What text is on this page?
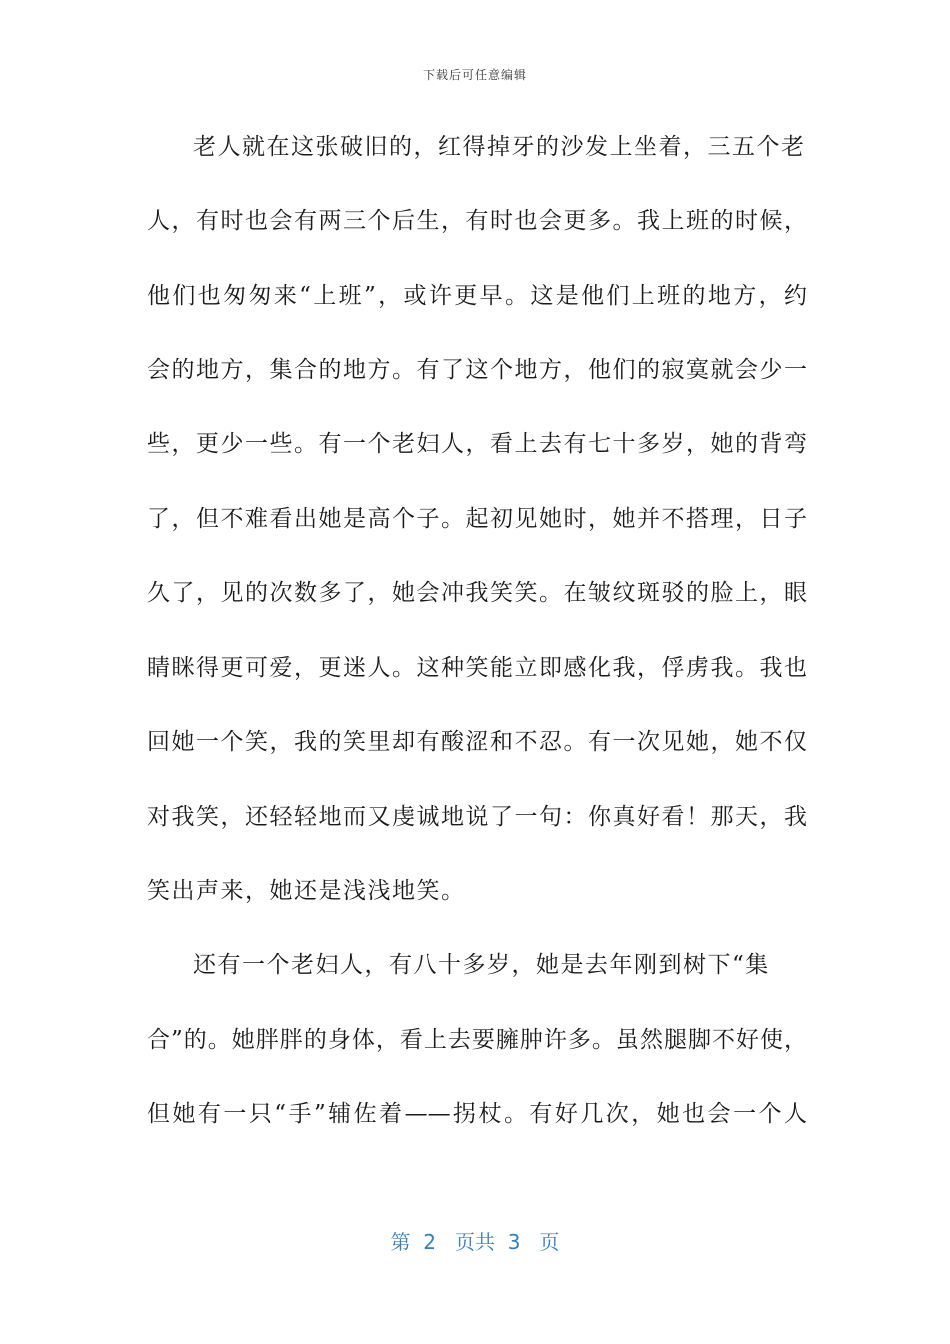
下载后可任意编辑
老人就在这张破旧的，红得掉牙的沙发上坐着，三五个老
人，有时也会有两三个后生，有时也会更多。我上班的时候，
他们也匆匆来“上班”，或许更早。这是他们上班的地方，约
会的地方，集合的地方。有了这个地方，他们的寂寞就会少一
些，更少一些。有一个老妇人，看上去有七十多岁，她的背弯
了，但不难看出她是高个子。起初见她时，她并不搭理，日子
久了，见的次数多了，她会冲我笑笑。在皱纹斑驳的脸上，眼
睛眯得更可爱，更迷人。这种笑能立即感化我，俘虏我。我也
回她一个笑，我的笑里却有酸涩和不忍。有一次见她，她不仅
对我笑，还轻轻地而又虔诚地说了一句：你真好看！那天，我
笑出声来，她还是浅浅地笑。
还有一个老妇人，有八十多岁，她是去年刚到树下“集
合”的。她胖胖的身体，看上去要臃肿许多。虽然腿脚不好使，
但她有一只“手”辅佐着——拐杖。有好几次，她也会一个人
第  2   页共  3   页
